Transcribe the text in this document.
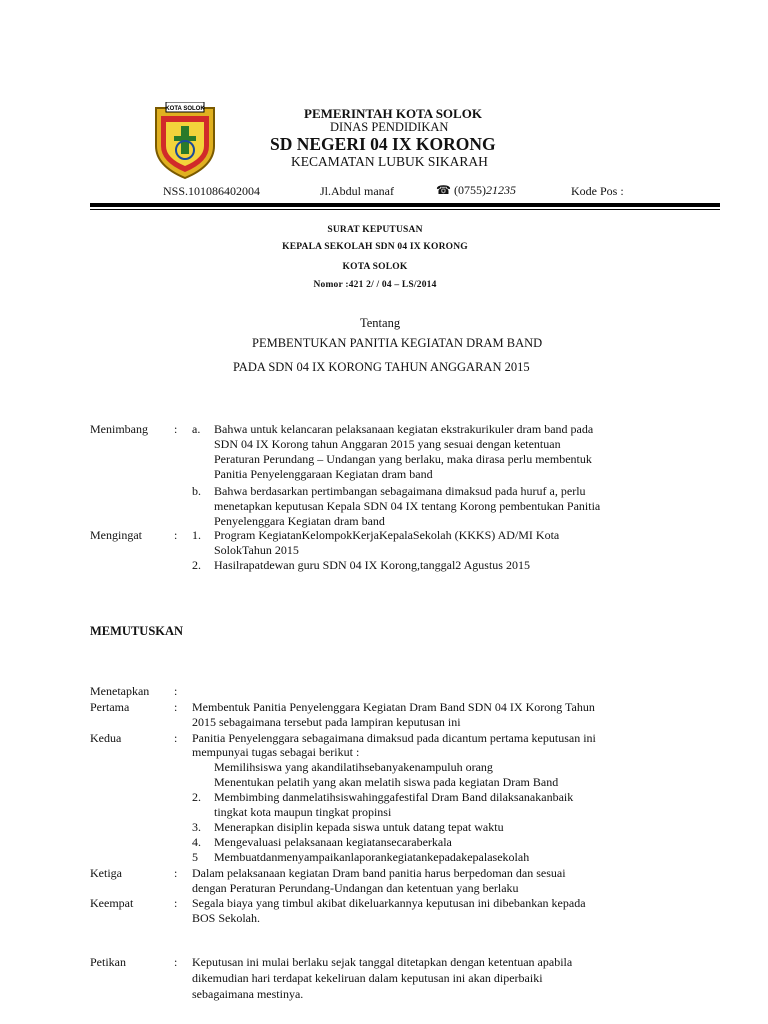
KOTA SOLOK	PEMERINTAH KOTA SOLOK
DINAS PENDIDIKAN
SD NEGERI 04 IX KORONG
KECAMATAN LUBUK SIKARAH
NSS.101086402004	Jl.Abdul manaf	☎ (0755)21235	Kode Pos :
SURAT KEPUTUSAN
KEPALA SEKOLAH SDN 04 IX KORONG
KOTA SOLOK
Nomor :421 2/ / 04 – LS/2014
Tentang
PEMBENTUKAN PANITIA KEGIATAN DRAM BAND
PADA SDN 04 IX KORONG TAHUN ANGGARAN 2015
Menimbang : a. Bahwa untuk kelancaran pelaksanaan kegiatan ekstrakurikuler dram band pada
SDN 04 IX Korong tahun Anggaran 2015 yang sesuai dengan ketentuan
Peraturan Perundang – Undangan yang berlaku, maka dirasa perlu membentuk
Panitia Penyelenggaraan Kegiatan dram band
b. Bahwa berdasarkan pertimbangan sebagaimana dimaksud pada huruf a, perlu
menetapkan keputusan Kepala SDN 04 IX tentang Korong pembentukan Panitia
Penyelenggara Kegiatan dram band
Mengingat	: 1. Program KegiatanKelompokKerjaKepalaSekolah (KKKS) AD/MI Kota
SolokTahun 2015
2. Hasilrapatdewan guru SDN 04 IX Korong,tanggal2 Agustus 2015
MEMUTUSKAN
Menetapkan :
Pertama	: Membentuk Panitia Penyelenggara Kegiatan Dram Band SDN 04 IX Korong Tahun
2015 sebagaimana tersebut pada lampiran keputusan ini
Kedua	: Panitia Penyelenggara sebagaimana dimaksud pada dicantum pertama keputusan ini
mempunyai tugas sebagai berikut :
Memilihsiswa yang akandilatihsebanyakenampuluh orang
Menentukan pelatih yang akan melatih siswa pada kegiatan Dram Band
2. Membimbing danmelatihsiswahinggafestifal Dram Band dilaksanakanbaik
tingkat kota maupun tingkat propinsi
3. Menerapkan disiplin kepada siswa untuk datang tepat waktu
4. Mengevaluasi pelaksanaan kegiatansecaraberkala
5 Membuatdanmenyampaikanlaporankegiatankepadakepalasekolah
Ketiga	: Dalam pelaksanaan kegiatan Dram band panitia harus berpedoman dan sesuai
dengan Peraturan Perundang-Undangan dan ketentuan yang berlaku
Keempat	: Segala biaya yang timbul akibat dikeluarkannya keputusan ini dibebankan kepada
BOS Sekolah.
Petikan	: Keputusan ini mulai berlaku sejak tanggal ditetapkan dengan ketentuan apabila
dikemudian hari terdapat kekeliruan dalam keputusan ini akan diperbaiki
sebagaimana mestinya.
